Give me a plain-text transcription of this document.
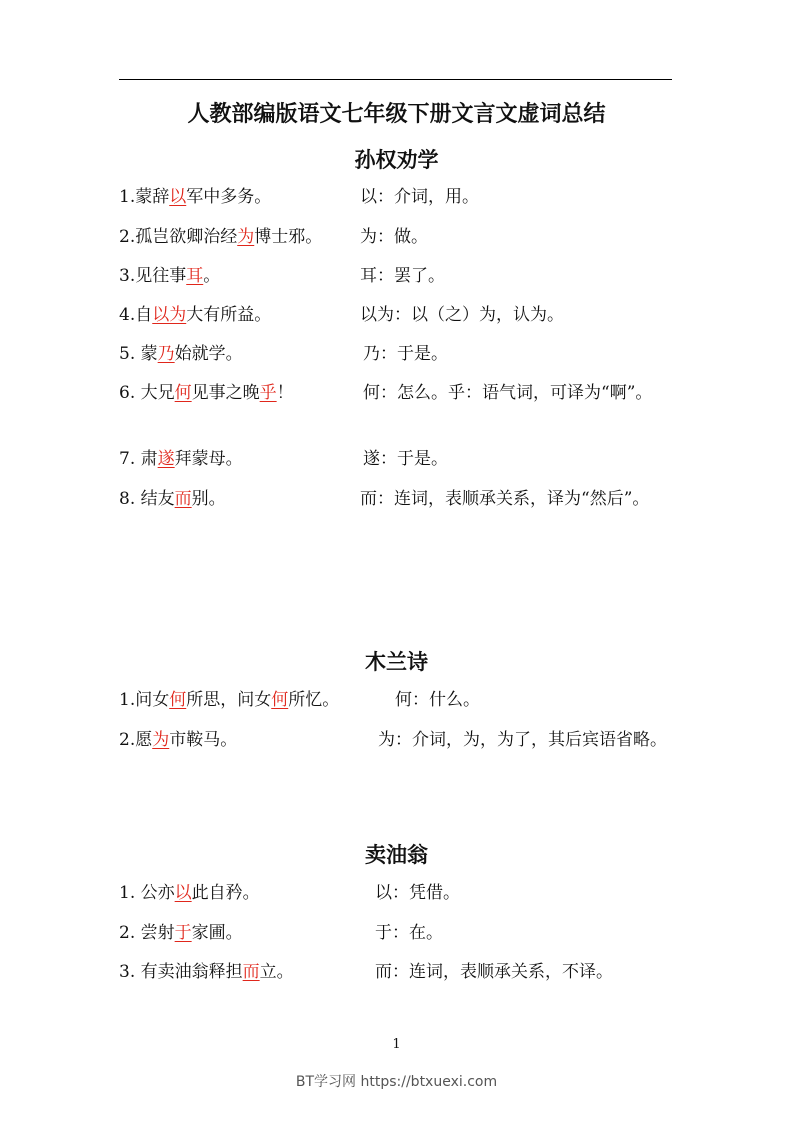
人教部编版语文七年级下册文言文虚词总结
孙权劝学
1.蒙辞以军中多务。	以：介词，用。
2.孤岂欲卿治经为博士邪。 为：做。
3.见往事耳。	耳：罢了。
4.自以为大有所益。	以为：以（之）为，认为。
5. 蒙乃始就学。	乃：于是。
6. 大兄何见事之晚乎！	何：怎么。乎：语气词，可译为“啊”。
7. 肃遂拜蒙母。	遂：于是。
8. 结友而别。	而：连词，表顺承关系，译为“然后”。
木兰诗
1.问女何所思，问女何所忆。	何：什么。
2.愿为市鞍马。	为：介词，为，为了，其后宾语省略。
卖油翁
1. 公亦以此自矜。	以：凭借。
2. 尝射于家圃。	于：在。
3. 有卖油翁释担而立。	而：连词，表顺承关系，不译。
1
BT学习网 https://btxuexi.com
